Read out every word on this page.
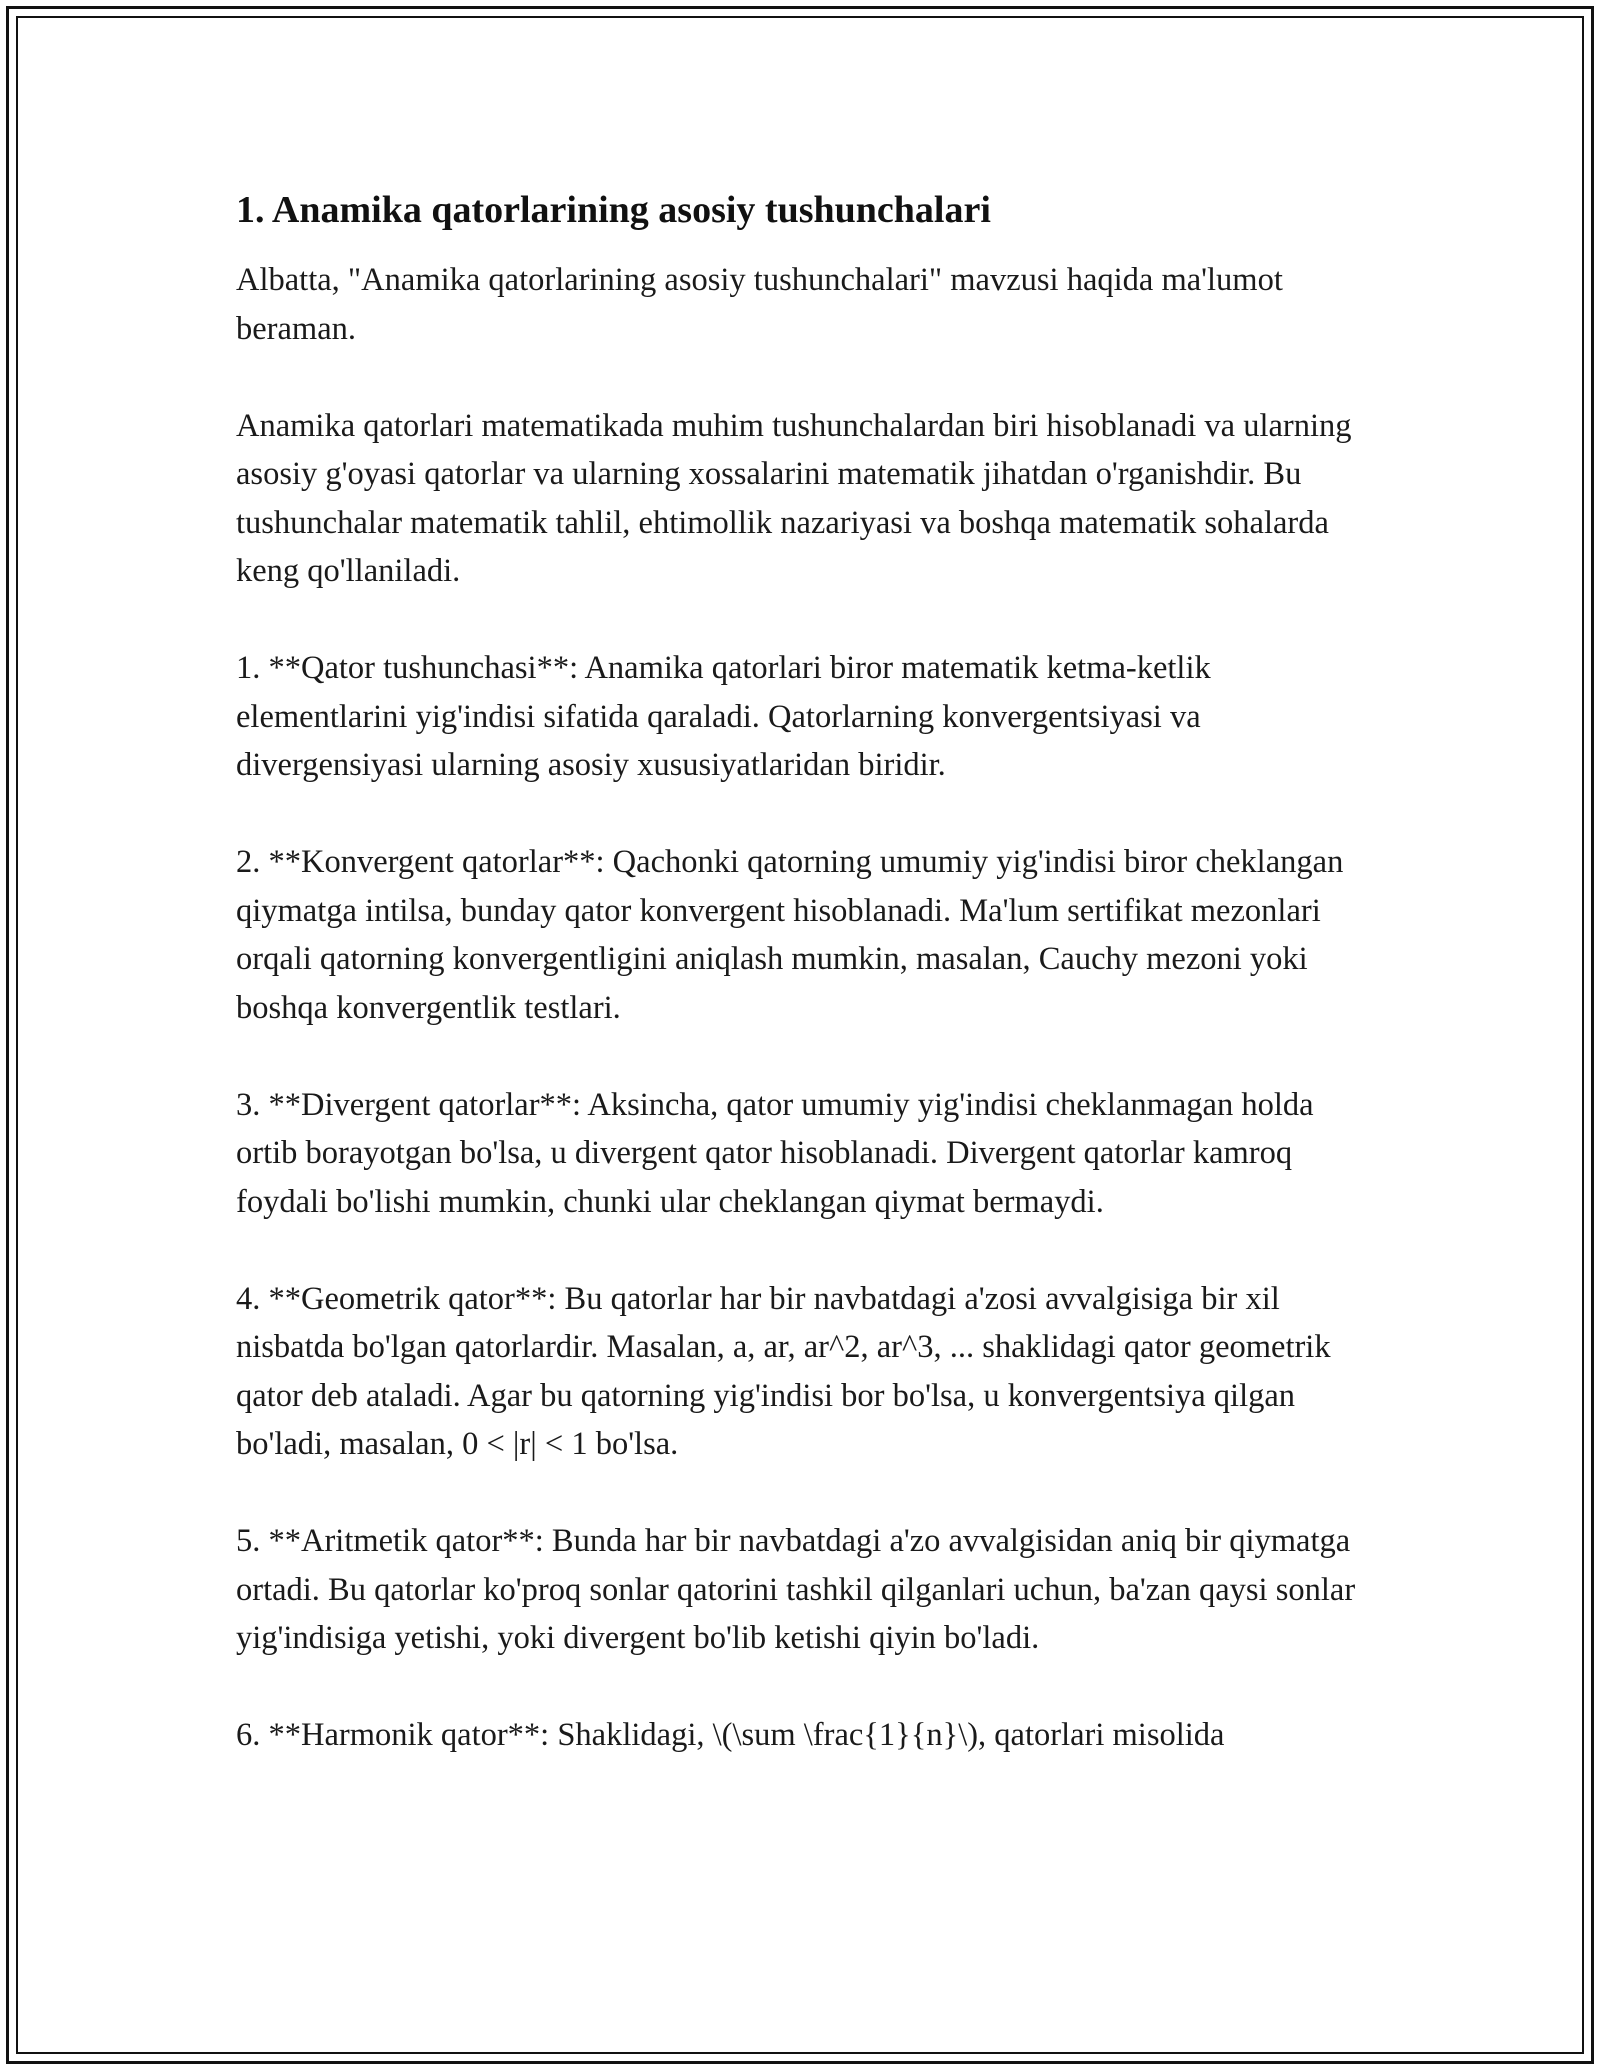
1. Anamika qatorlarining asosiy tushunchalari

Albatta, "Anamika qatorlarining asosiy tushunchalari" mavzusi haqida ma'lumot beraman.

Anamika qatorlari matematikada muhim tushunchalardan biri hisoblanadi va ularning asosiy g'oyasi qatorlar va ularning xossalarini matematik jihatdan o'rganishdir. Bu tushunchalar matematik tahlil, ehtimollik nazariyasi va boshqa matematik sohalarda keng qo'llaniladi.

1. **Qator tushunchasi**: Anamika qatorlari biror matematik ketma-ketlik elementlarini yig'indisi sifatida qaraladi. Qatorlarning konvergentsiyasi va divergensiyasi ularning asosiy xususiyatlaridan biridir.

2. **Konvergent qatorlar**: Qachonki qatorning umumiy yig'indisi biror cheklangan qiymatga intilsa, bunday qator konvergent hisoblanadi. Ma'lum sertifikat mezonlari orqali qatorning konvergentligini aniqlash mumkin, masalan, Cauchy mezoni yoki boshqa konvergentlik testlari.

3. **Divergent qatorlar**: Aksincha, qator umumiy yig'indisi cheklanmagan holda ortib borayotgan bo'lsa, u divergent qator hisoblanadi. Divergent qatorlar kamroq foydali bo'lishi mumkin, chunki ular cheklangan qiymat bermaydi.

4. **Geometrik qator**: Bu qatorlar har bir navbatdagi a'zosi avvalgisiga bir xil nisbatda bo'lgan qatorlardir. Masalan, a, ar, ar^2, ar^3, ... shaklidagi qator geometrik qator deb ataladi. Agar bu qatorning yig'indisi bor bo'lsa, u konvergentsiya qilgan bo'ladi, masalan, 0 < |r| < 1 bo'lsa.

5. **Aritmetik qator**: Bunda har bir navbatdagi a'zo avvalgisidan aniq bir qiymatga ortadi. Bu qatorlar ko'proq sonlar qatorini tashkil qilganlari uchun, ba'zan qaysi sonlar yig'indisiga yetishi, yoki divergent bo'lib ketishi qiyin bo'ladi.

6. **Harmonik qator**: Shaklidagi, \(\sum \frac{1}{n}\), qatorlari misolida
